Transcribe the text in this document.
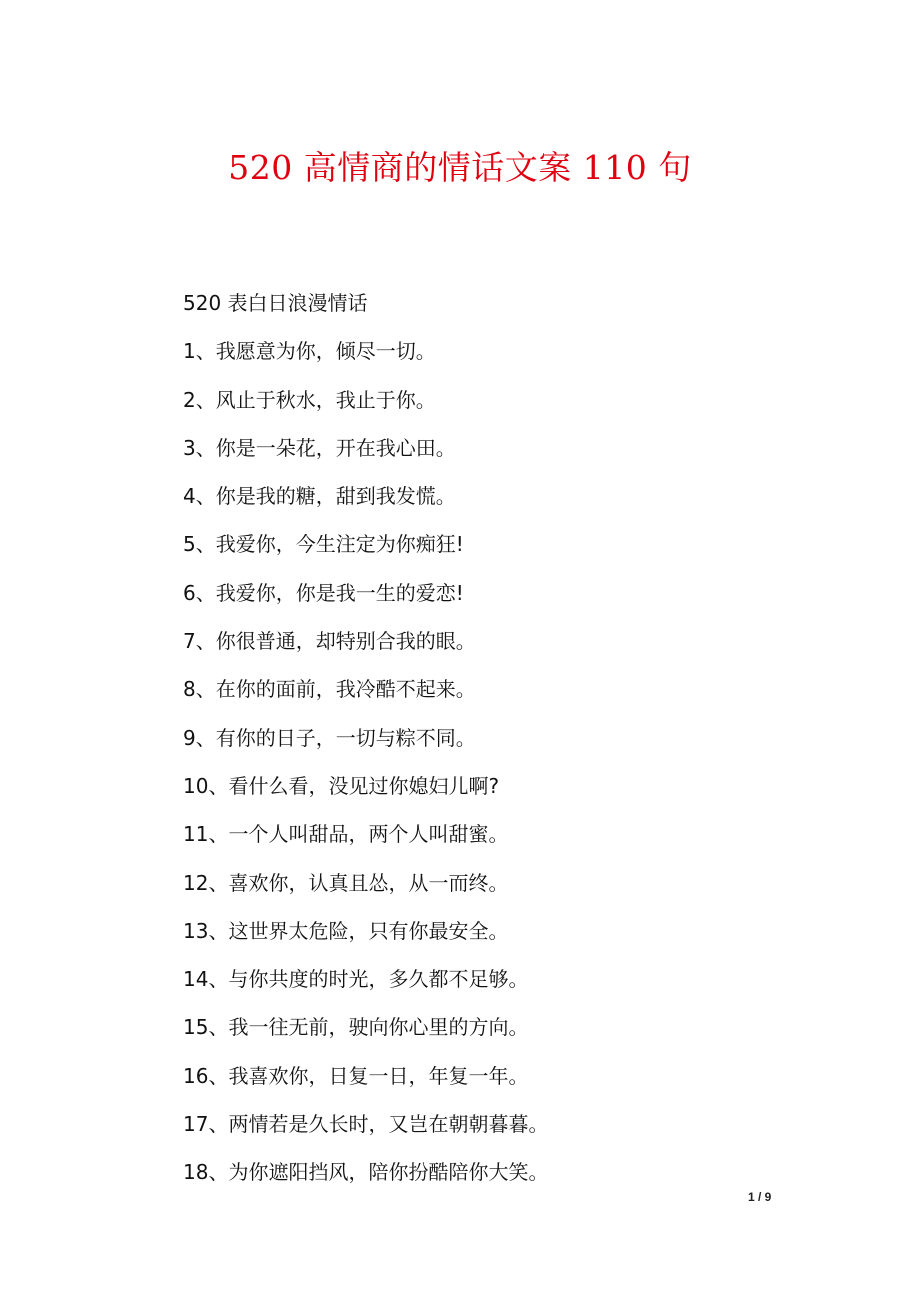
520 高情商的情话文案 110 句
520 表白日浪漫情话
1、我愿意为你，倾尽一切。
2、风止于秋水，我止于你。
3、你是一朵花，开在我心田。
4、你是我的糖，甜到我发慌。
5、我爱你，今生注定为你痴狂!
6、我爱你，你是我一生的爱恋!
7、你很普通，却特别合我的眼。
8、在你的面前，我冷酷不起来。
9、有你的日子，一切与粽不同。
10、看什么看，没见过你媳妇儿啊?
11、一个人叫甜品，两个人叫甜蜜。
12、喜欢你，认真且怂，从一而终。
13、这世界太危险，只有你最安全。
14、与你共度的时光，多久都不足够。
15、我一往无前，驶向你心里的方向。
16、我喜欢你，日复一日，年复一年。
17、两情若是久长时，又岂在朝朝暮暮。
18、为你遮阳挡风，陪你扮酷陪你大笑。
1 / 9
